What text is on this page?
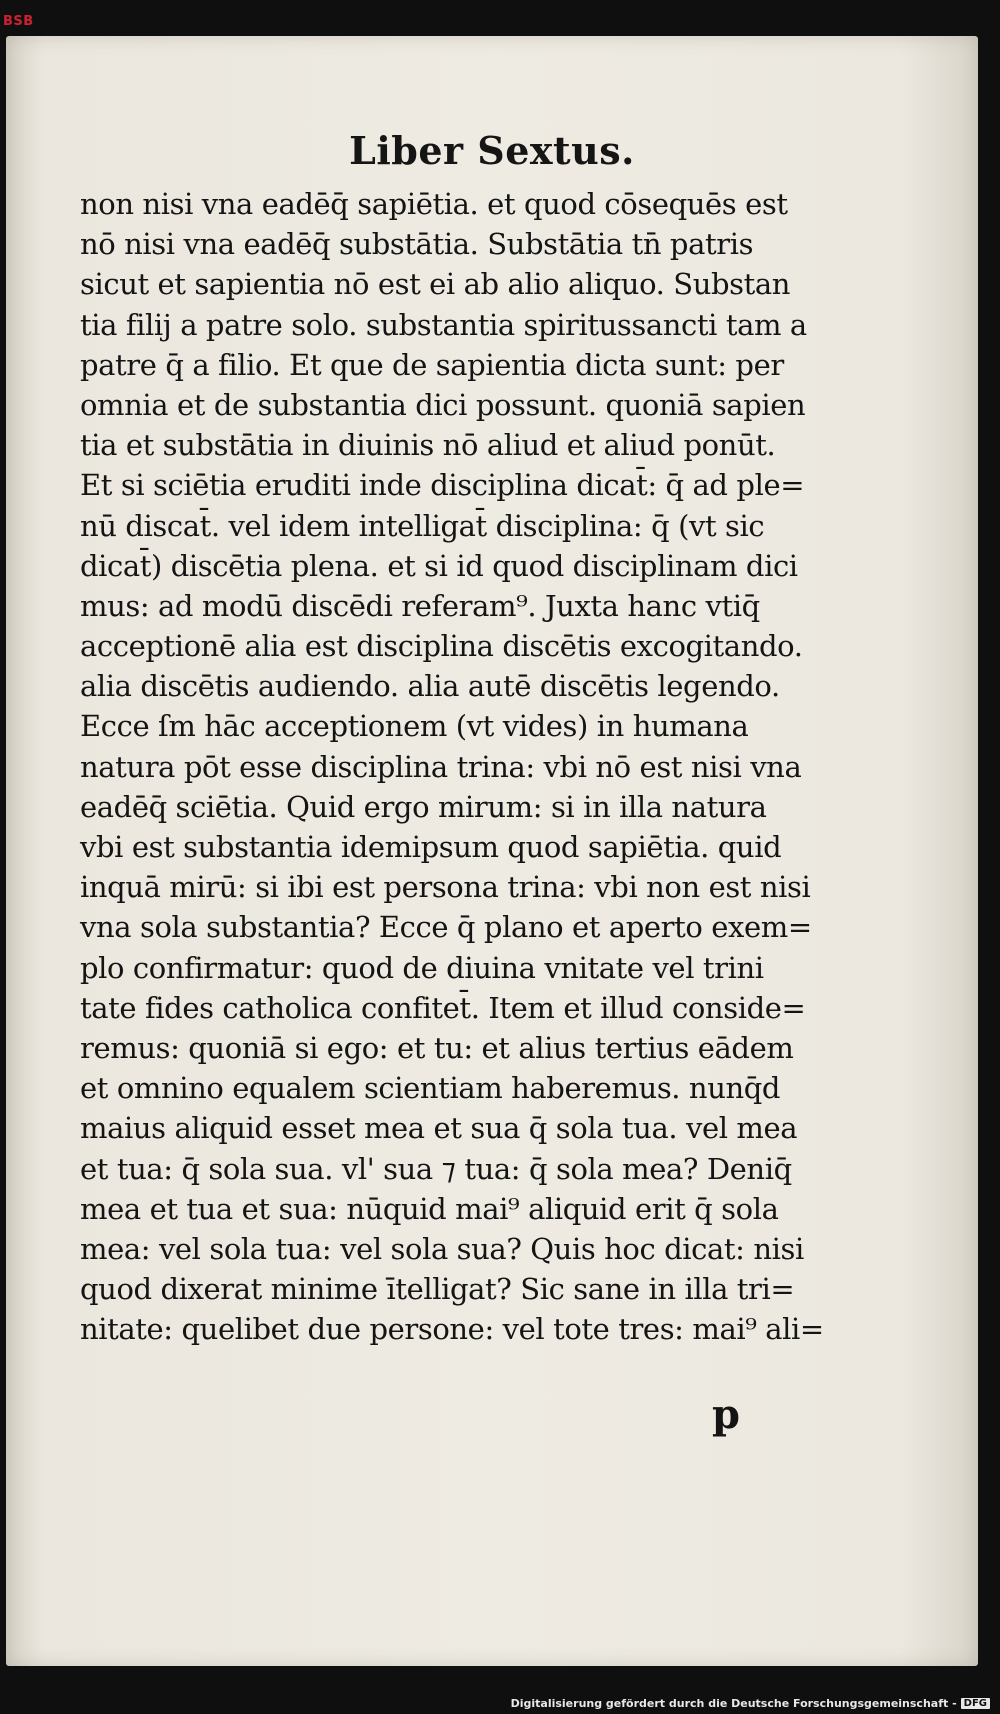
BSB
Liber Sextus.
non nisi vna eadēq̄ sapiētia. et quod cōsequēs est
nō nisi vna eadēq̄ substātia. Substātia tn̄ patris
sicut et sapientia nō est ei ab alio aliquo. Substan
tia filij a patre solo. substantia spiritussancti tam a
patre q̄ a filio. Et que de sapientia dicta sunt: per
omnia et de substantia dici possunt. quoniā sapien
tia et substātia in diuinis nō aliud et aliud ponūt.
Et si sciētia eruditi inde disciplina dicat̄: q̄ ad ple=
nū discat̄. vel idem intelligat̄ disciplina: q̄ (vt sic
dicat̄) discētia plena. et si id quod disciplinam dici
mus: ad modū discēdi referam⁹. Juxta hanc vtiq̄
acceptionē alia est disciplina discētis excogitando.
alia discētis audiendo. alia autē discētis legendo.
Ecce ſm hāc acceptionem (vt vides) in humana
natura pōt esse disciplina trina: vbi nō est nisi vna
eadēq̄ sciētia. Quid ergo mirum: si in illa natura
vbi est substantia idemipsum quod sapiētia. quid
inquā mirū: si ibi est persona trina: vbi non est nisi
vna sola substantia? Ecce q̄ plano et aperto exem=
plo confirmatur: quod de diuina vnitate vel trini
tate fides catholica confitet̄. Item et illud conside=
remus: quoniā si ego: et tu: et alius tertius eādem
et omnino equalem scientiam haberemus. nunq̄d
maius aliquid esset mea et sua q̄ sola tua. vel mea
et tua: q̄ sola sua. vl' sua ⁊ tua: q̄ sola mea? Deniq̄
mea et tua et sua: nūquid mai⁹ aliquid erit q̄ sola
mea: vel sola tua: vel sola sua? Quis hoc dicat: nisi
quod dixerat minime ītelligat? Sic sane in illa tri=
nitate: quelibet due persone: vel tote tres: mai⁹ ali=
p
Digitalisierung gefördert durch die Deutsche Forschungsgemeinschaft - DFG
